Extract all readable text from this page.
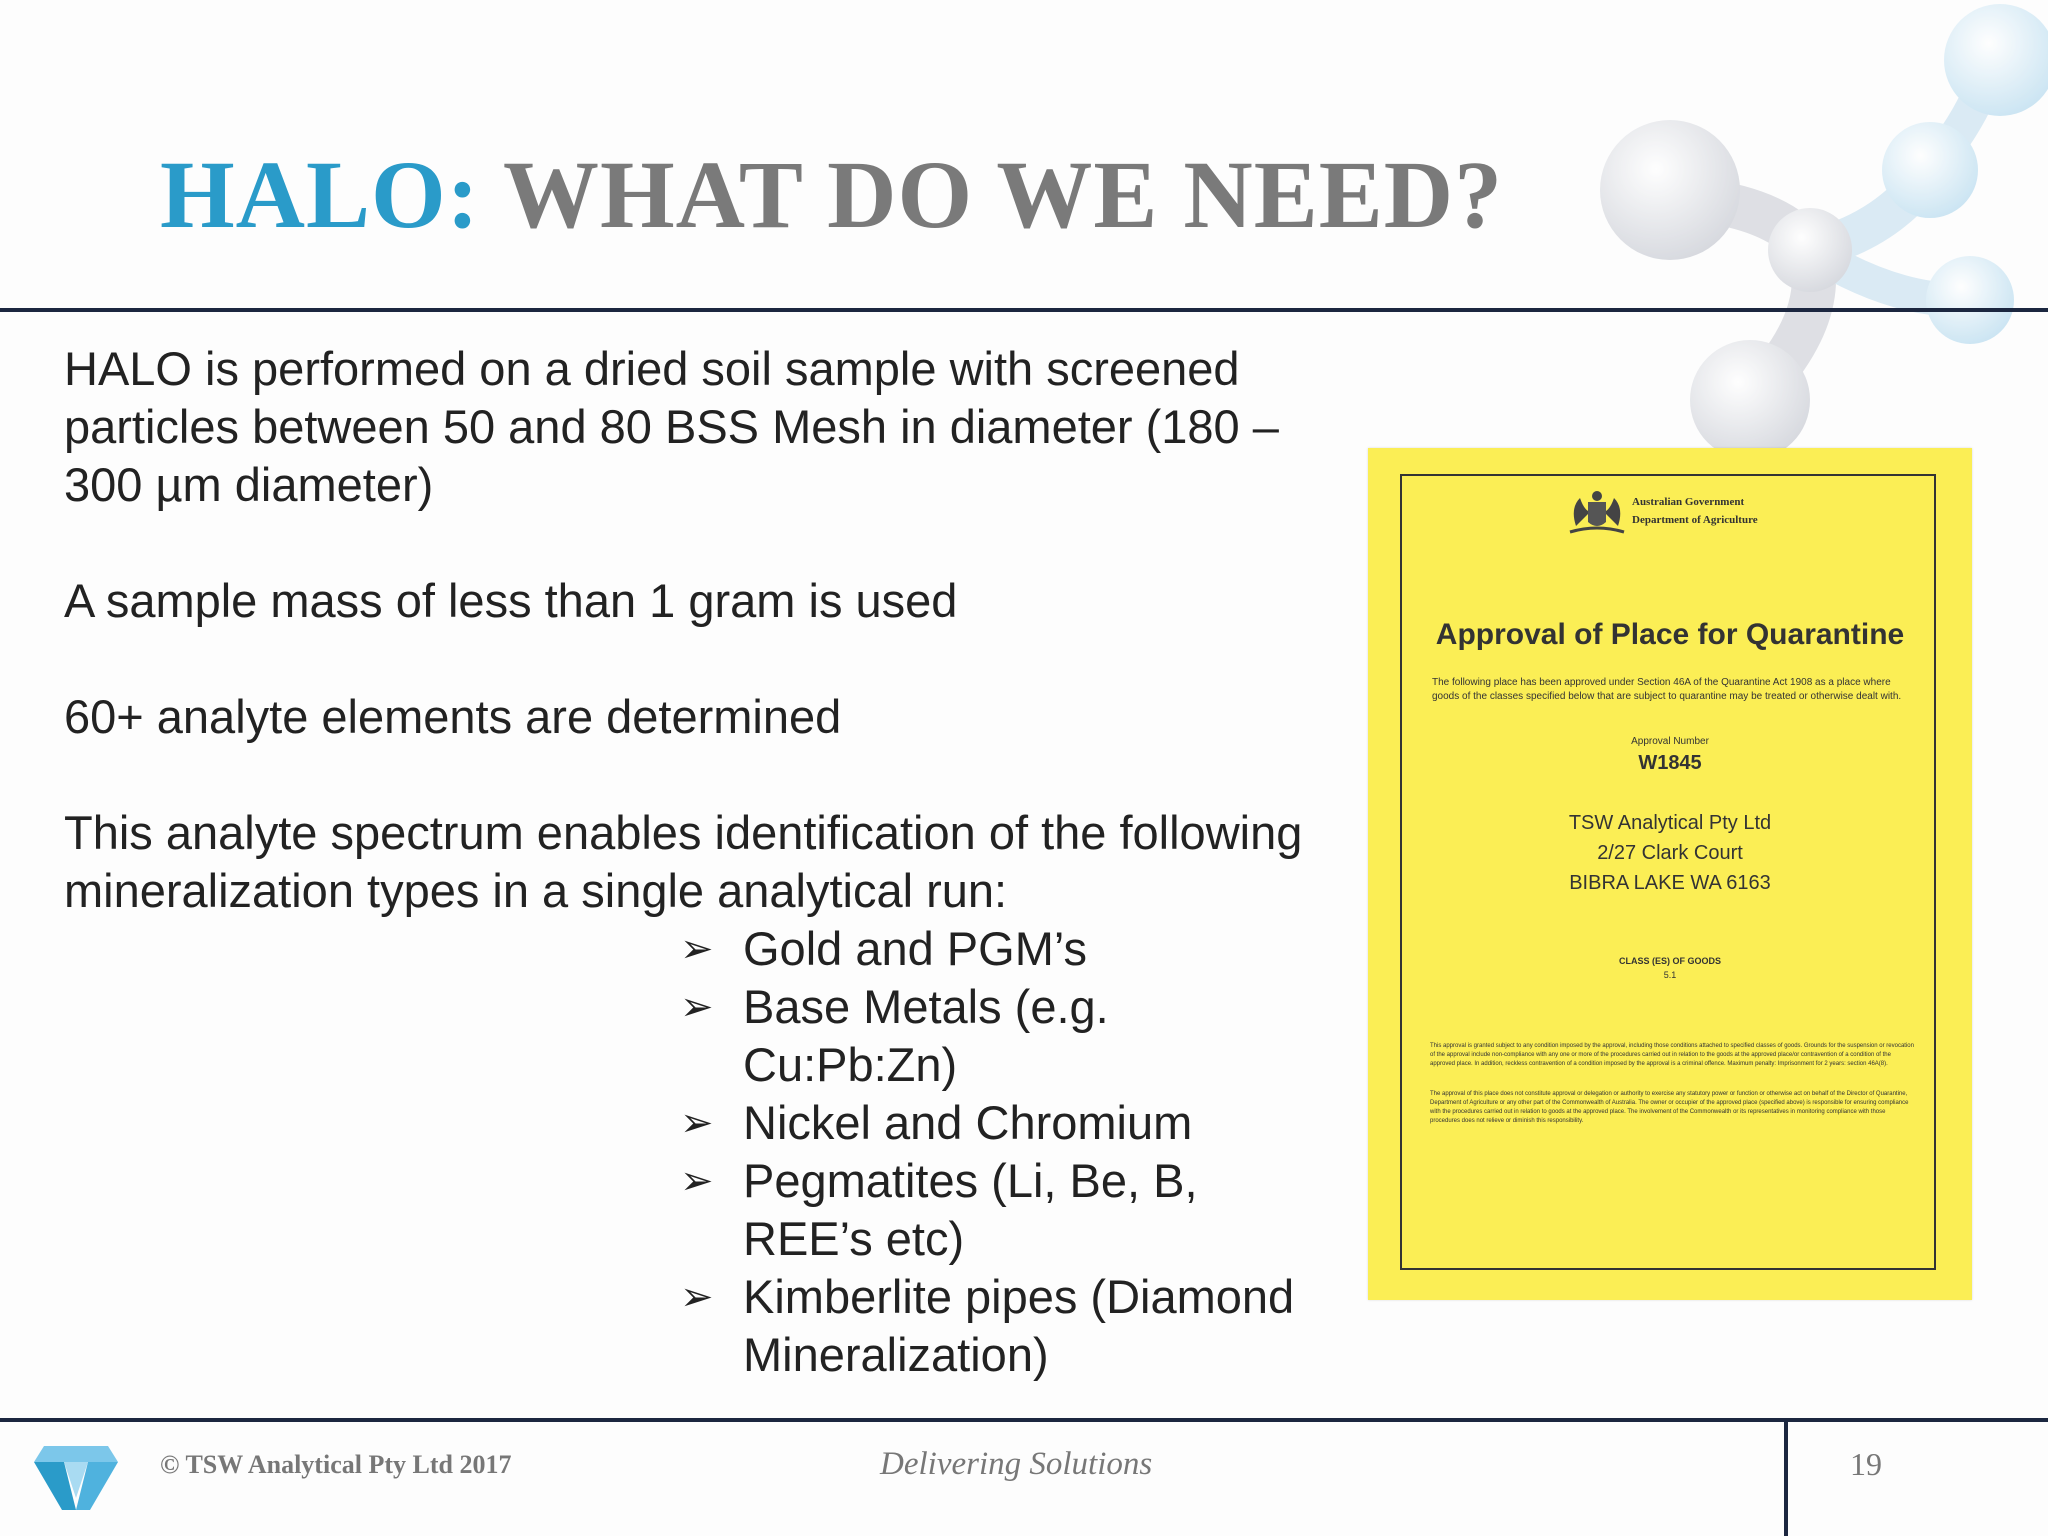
HALO: WHAT DO WE NEED?

HALO is performed on a dried soil sample with screened particles between 50 and 80 BSS Mesh in diameter (180 – 300 µm diameter)

A sample mass of less than 1 gram is used

60+ analyte elements are determined

This analyte spectrum enables identification of the following mineralization types in a single analytical run:

➢ Gold and PGM’s
➢ Base Metals (e.g. Cu:Pb:Zn)
➢ Nickel and Chromium
➢ Pegmatites (Li, Be, B, REE’s etc)
➢ Kimberlite pipes (Diamond Mineralization)
Australian Government
Department of Agriculture
Approval of Place for Quarantine
The following place has been approved under Section 46A of the Quarantine Act 1908 as a place where goods of the classes specified below that are subject to quarantine may be treated or otherwise dealt with.
Approval Number
W1845
TSW Analytical Pty Ltd
2/27 Clark Court
BIBRA LAKE WA 6163
CLASS (ES) OF GOODS
5.1
This approval is granted subject to any condition imposed by the approval, including those conditions attached to specified classes of goods. Grounds for the suspension or revocation of the approval include non-compliance with any one or more of the procedures carried out in relation to the goods at the approved place/or contravention of a condition of the approved place. In addition, reckless contravention of a condition imposed by the approval is a criminal offence. Maximum penalty: Imprisonment for 2 years: section 46A(8).
The approval of this place does not constitute approval or delegation or authority to exercise any statutory power or function or otherwise act on behalf of the Director of Quarantine, Department of Agriculture or any other part of the Commonwealth of Australia. The owner or occupier of the approved place (specified above) is responsible for ensuring compliance with the procedures carried out in relation to goods at the approved place. The involvement of the Commonwealth or its representatives in monitoring compliance with those procedures does not relieve or diminish this responsibility.
© TSW Analytical Pty Ltd 2017	Delivering Solutions	19
